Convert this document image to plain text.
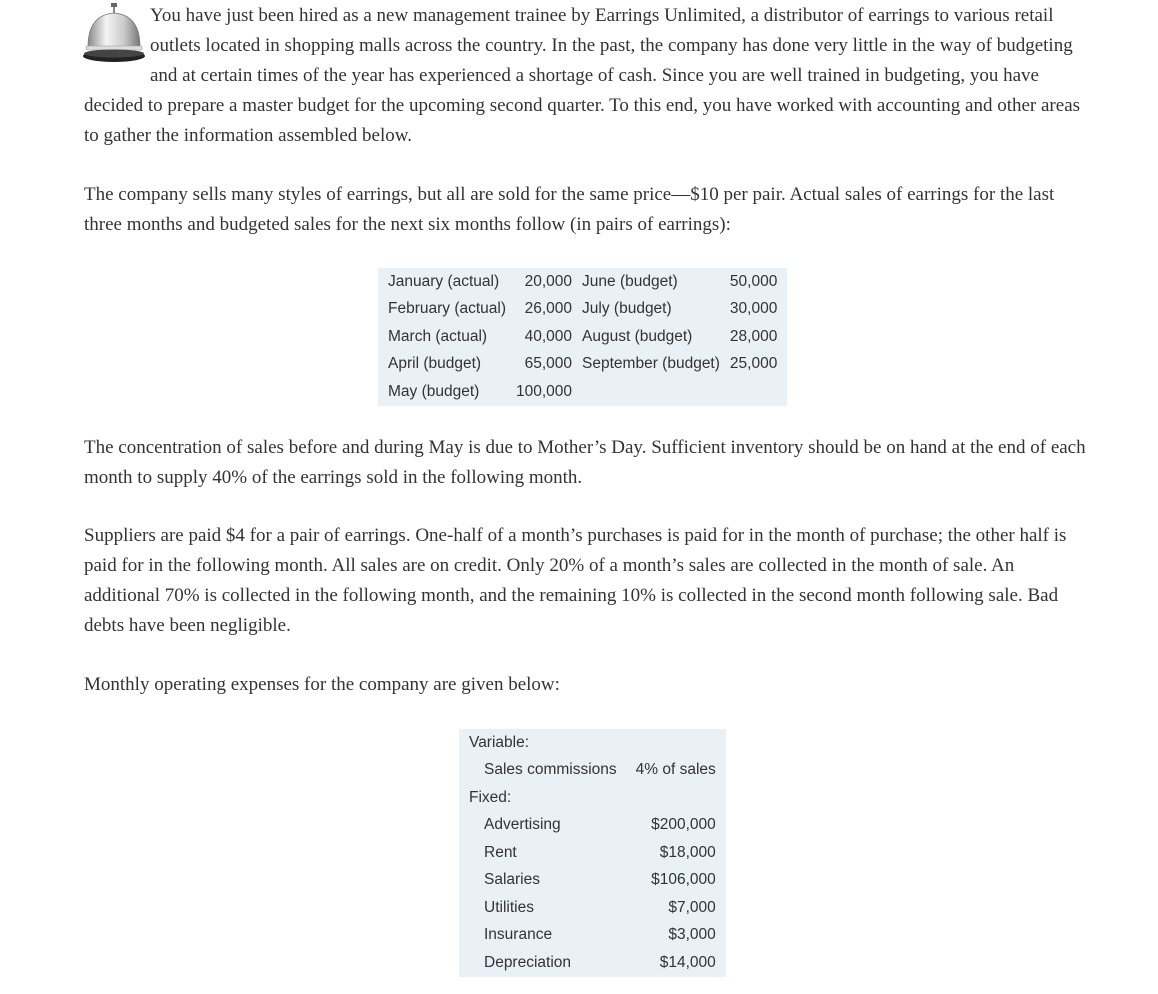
You have just been hired as a new management trainee by Earrings Unlimited, a distributor of earrings to various retail outlets located in shopping malls across the country. In the past, the company has done very little in the way of budgeting and at certain times of the year has experienced a shortage of cash. Since you are well trained in budgeting, you have decided to prepare a master budget for the upcoming second quarter. To this end, you have worked with accounting and other areas to gather the information assembled below.

The company sells many styles of earrings, but all are sold for the same price—$10 per pair. Actual sales of earrings for the last three months and budgeted sales for the next six months follow (in pairs of earrings):

January (actual)	20,000	June (budget)	50,000
February (actual)	26,000	July (budget)	30,000
March (actual)	40,000	August (budget)	28,000
April (budget)	65,000	September (budget)	25,000
May (budget)	100,000		

The concentration of sales before and during May is due to Mother’s Day. Sufficient inventory should be on hand at the end of each month to supply 40% of the earrings sold in the following month.

Suppliers are paid $4 for a pair of earrings. One-half of a month’s purchases is paid for in the month of purchase; the other half is paid for in the following month. All sales are on credit. Only 20% of a month’s sales are collected in the month of sale. An additional 70% is collected in the following month, and the remaining 10% is collected in the second month following sale. Bad debts have been negligible.

Monthly operating expenses for the company are given below:

Variable:	
Sales commissions	4% of sales
Fixed:	
Advertising	$200,000
Rent	$18,000
Salaries	$106,000
Utilities	$7,000
Insurance	$3,000
Depreciation	$14,000
